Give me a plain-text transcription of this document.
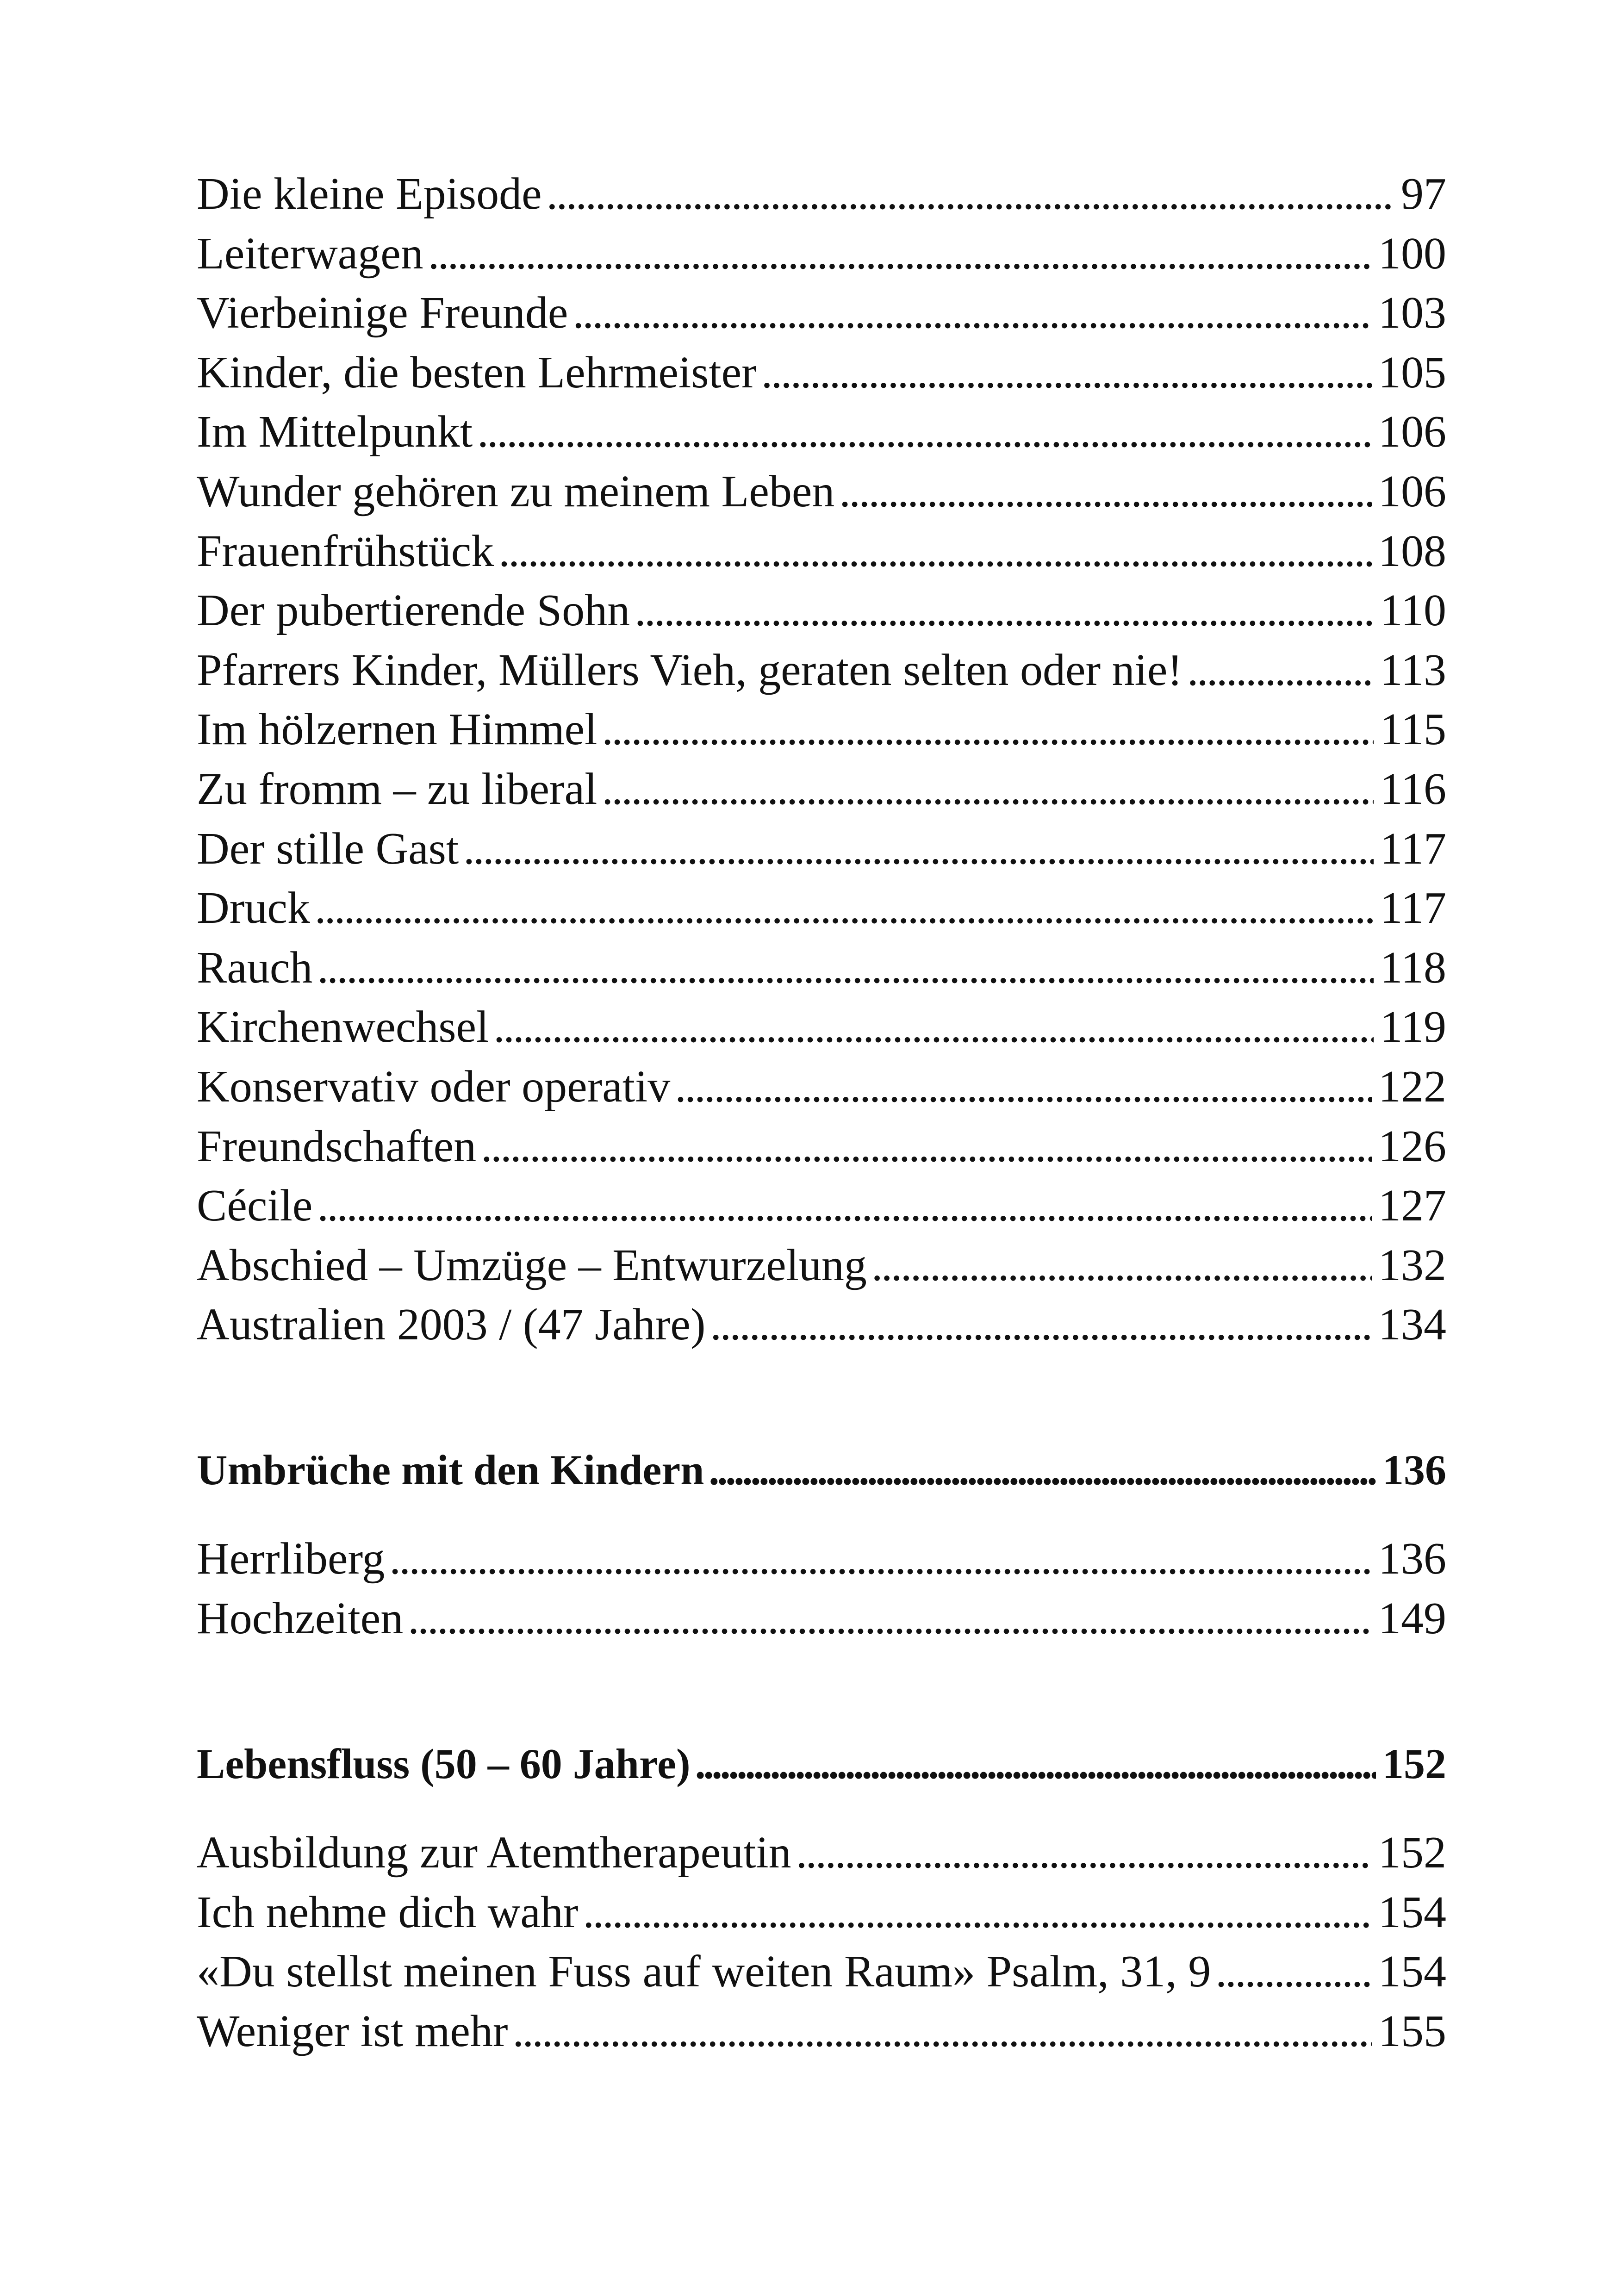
Die kleine Episode . . .	97
Leiterwagen . . .	100
Vierbeinige Freunde . . .	103
Kinder, die besten Lehrmeister . . .	105
Im Mittelpunkt . . .	106
Wunder gehören zu meinem Leben . . .	106
Frauenfrühstück . . .	108
Der pubertierende Sohn . . .	110
Pfarrers Kinder, Müllers Vieh, geraten selten oder nie! . . .	113
Im hölzernen Himmel . . .	115
Zu fromm – zu liberal . . .	116
Der stille Gast . . .	117
Druck . . .	117
Rauch . . .	118
Kirchenwechsel . . .	119
Konservativ oder operativ . . .	122
Freundschaften . . .	126
Cécile . . .	127
Abschied – Umzüge – Entwurzelung . . .	132
Australien 2003 / (47 Jahre) . . .	134
Umbrüche mit den Kindern . . .	136
Herrliberg . . .	136
Hochzeiten . . .	149
Lebensfluss (50 – 60 Jahre) . . .	152
Ausbildung zur Atemtherapeutin . . .	152
Ich nehme dich wahr . . .	154
«Du stellst meinen Fuss auf weiten Raum» Psalm, 31, 9 . . .	154
Weniger ist mehr . . .	155
